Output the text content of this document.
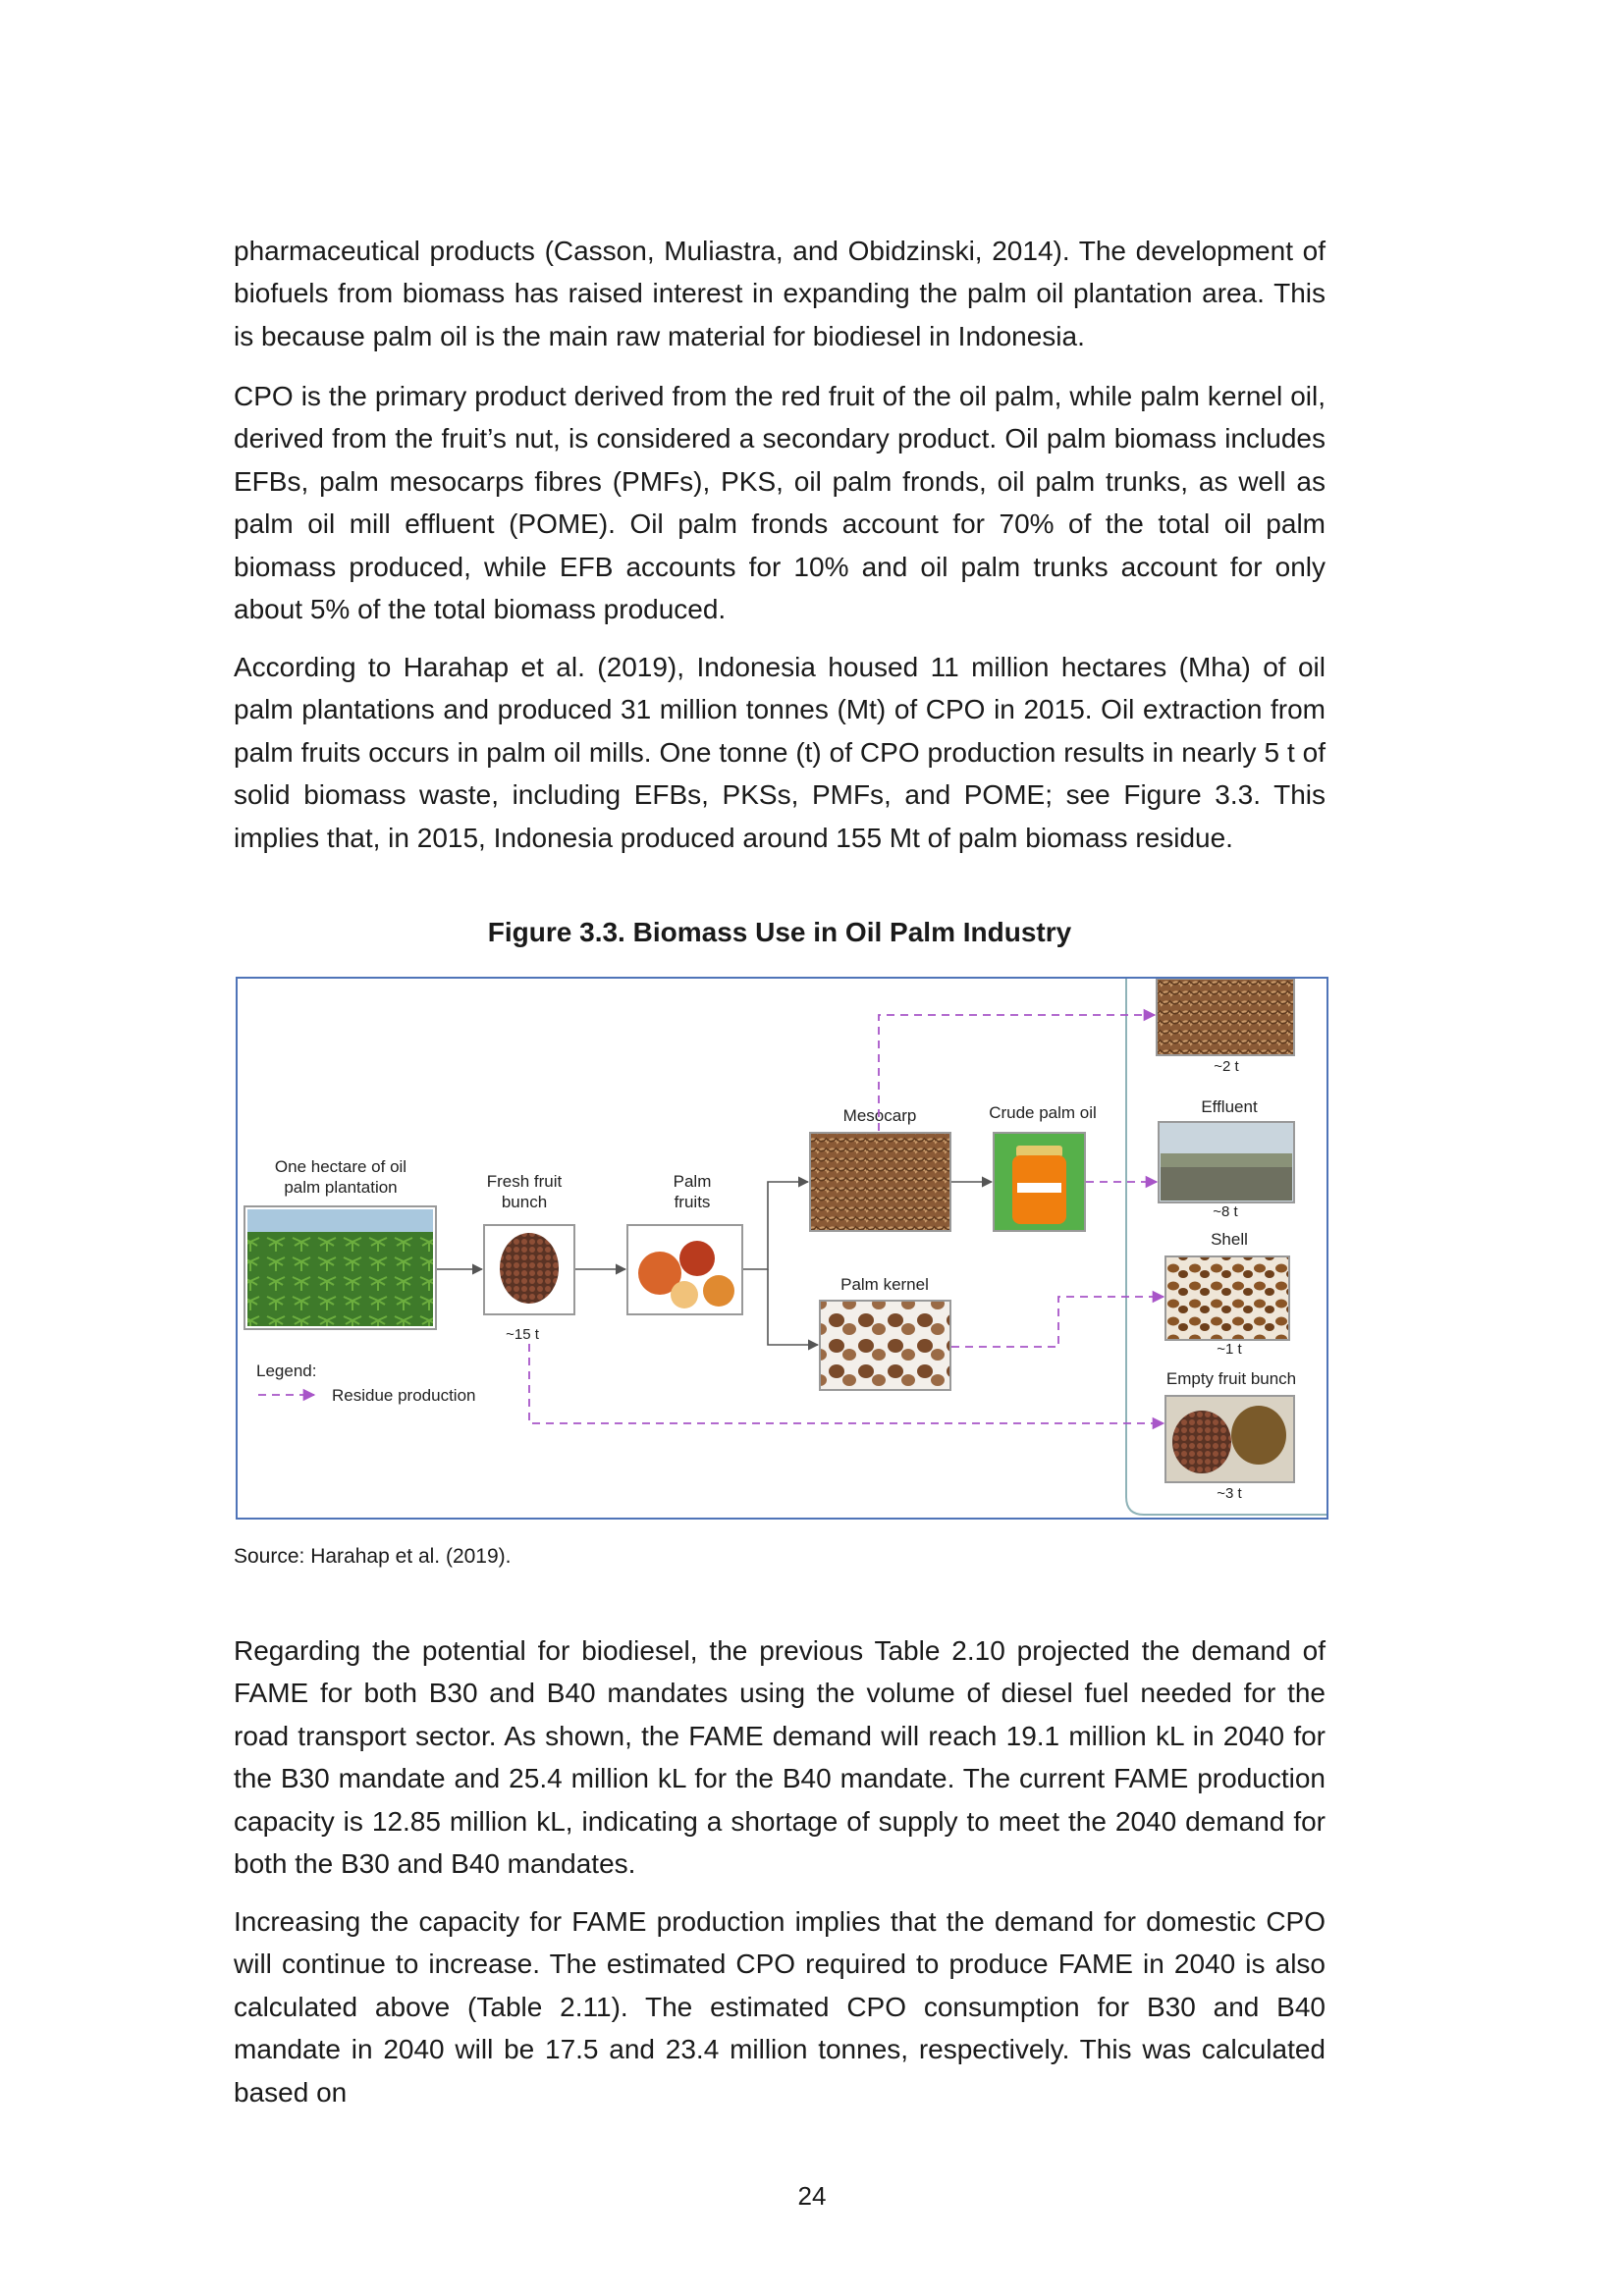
pharmaceutical products (Casson, Muliastra, and Obidzinski, 2014). The development of biofuels from biomass has raised interest in expanding the palm oil plantation area. This is because palm oil is the main raw material for biodiesel in Indonesia.

CPO is the primary product derived from the red fruit of the oil palm, while palm kernel oil, derived from the fruit’s nut, is considered a secondary product. Oil palm biomass includes EFBs, palm mesocarps fibres (PMFs), PKS, oil palm fronds, oil palm trunks, as well as palm oil mill effluent (POME). Oil palm fronds account for 70% of the total oil palm biomass produced, while EFB accounts for 10% and oil palm trunks account for only about 5% of the total biomass produced.

According to Harahap et al. (2019), Indonesia housed 11 million hectares (Mha) of oil palm plantations and produced 31 million tonnes (Mt) of CPO in 2015. Oil extraction from palm fruits occurs in palm oil mills. One tonne (t) of CPO production results in nearly 5 t of solid biomass waste, including EFBs, PKSs, PMFs, and POME; see Figure 3.3. This implies that, in 2015, Indonesia produced around 155 Mt of palm biomass residue.

Figure 3.3. Biomass Use in Oil Palm Industry

One hectare of oil
palm plantation	Fresh fruit
bunch
~15 t
Palm
fruits
Mesocarp	Crude palm oil
Palm kernel
~2 t
Effluent
~8 t
Shell
~1 t
Empty fruit bunch
~3 t
Legend:
Residue production

Source: Harahap et al. (2019).

Regarding the potential for biodiesel, the previous Table 2.10 projected the demand of FAME for both B30 and B40 mandates using the volume of diesel fuel needed for the road transport sector. As shown, the FAME demand will reach 19.1 million kL in 2040 for the B30 mandate and 25.4 million kL for the B40 mandate. The current FAME production capacity is 12.85 million kL, indicating a shortage of supply to meet the 2040 demand for both the B30 and B40 mandates.

Increasing the capacity for FAME production implies that the demand for domestic CPO will continue to increase. The estimated CPO required to produce FAME in 2040 is also calculated above (Table 2.11). The estimated CPO consumption for B30 and B40 mandate in 2040 will be 17.5 and 23.4 million tonnes, respectively. This was calculated based on

24
